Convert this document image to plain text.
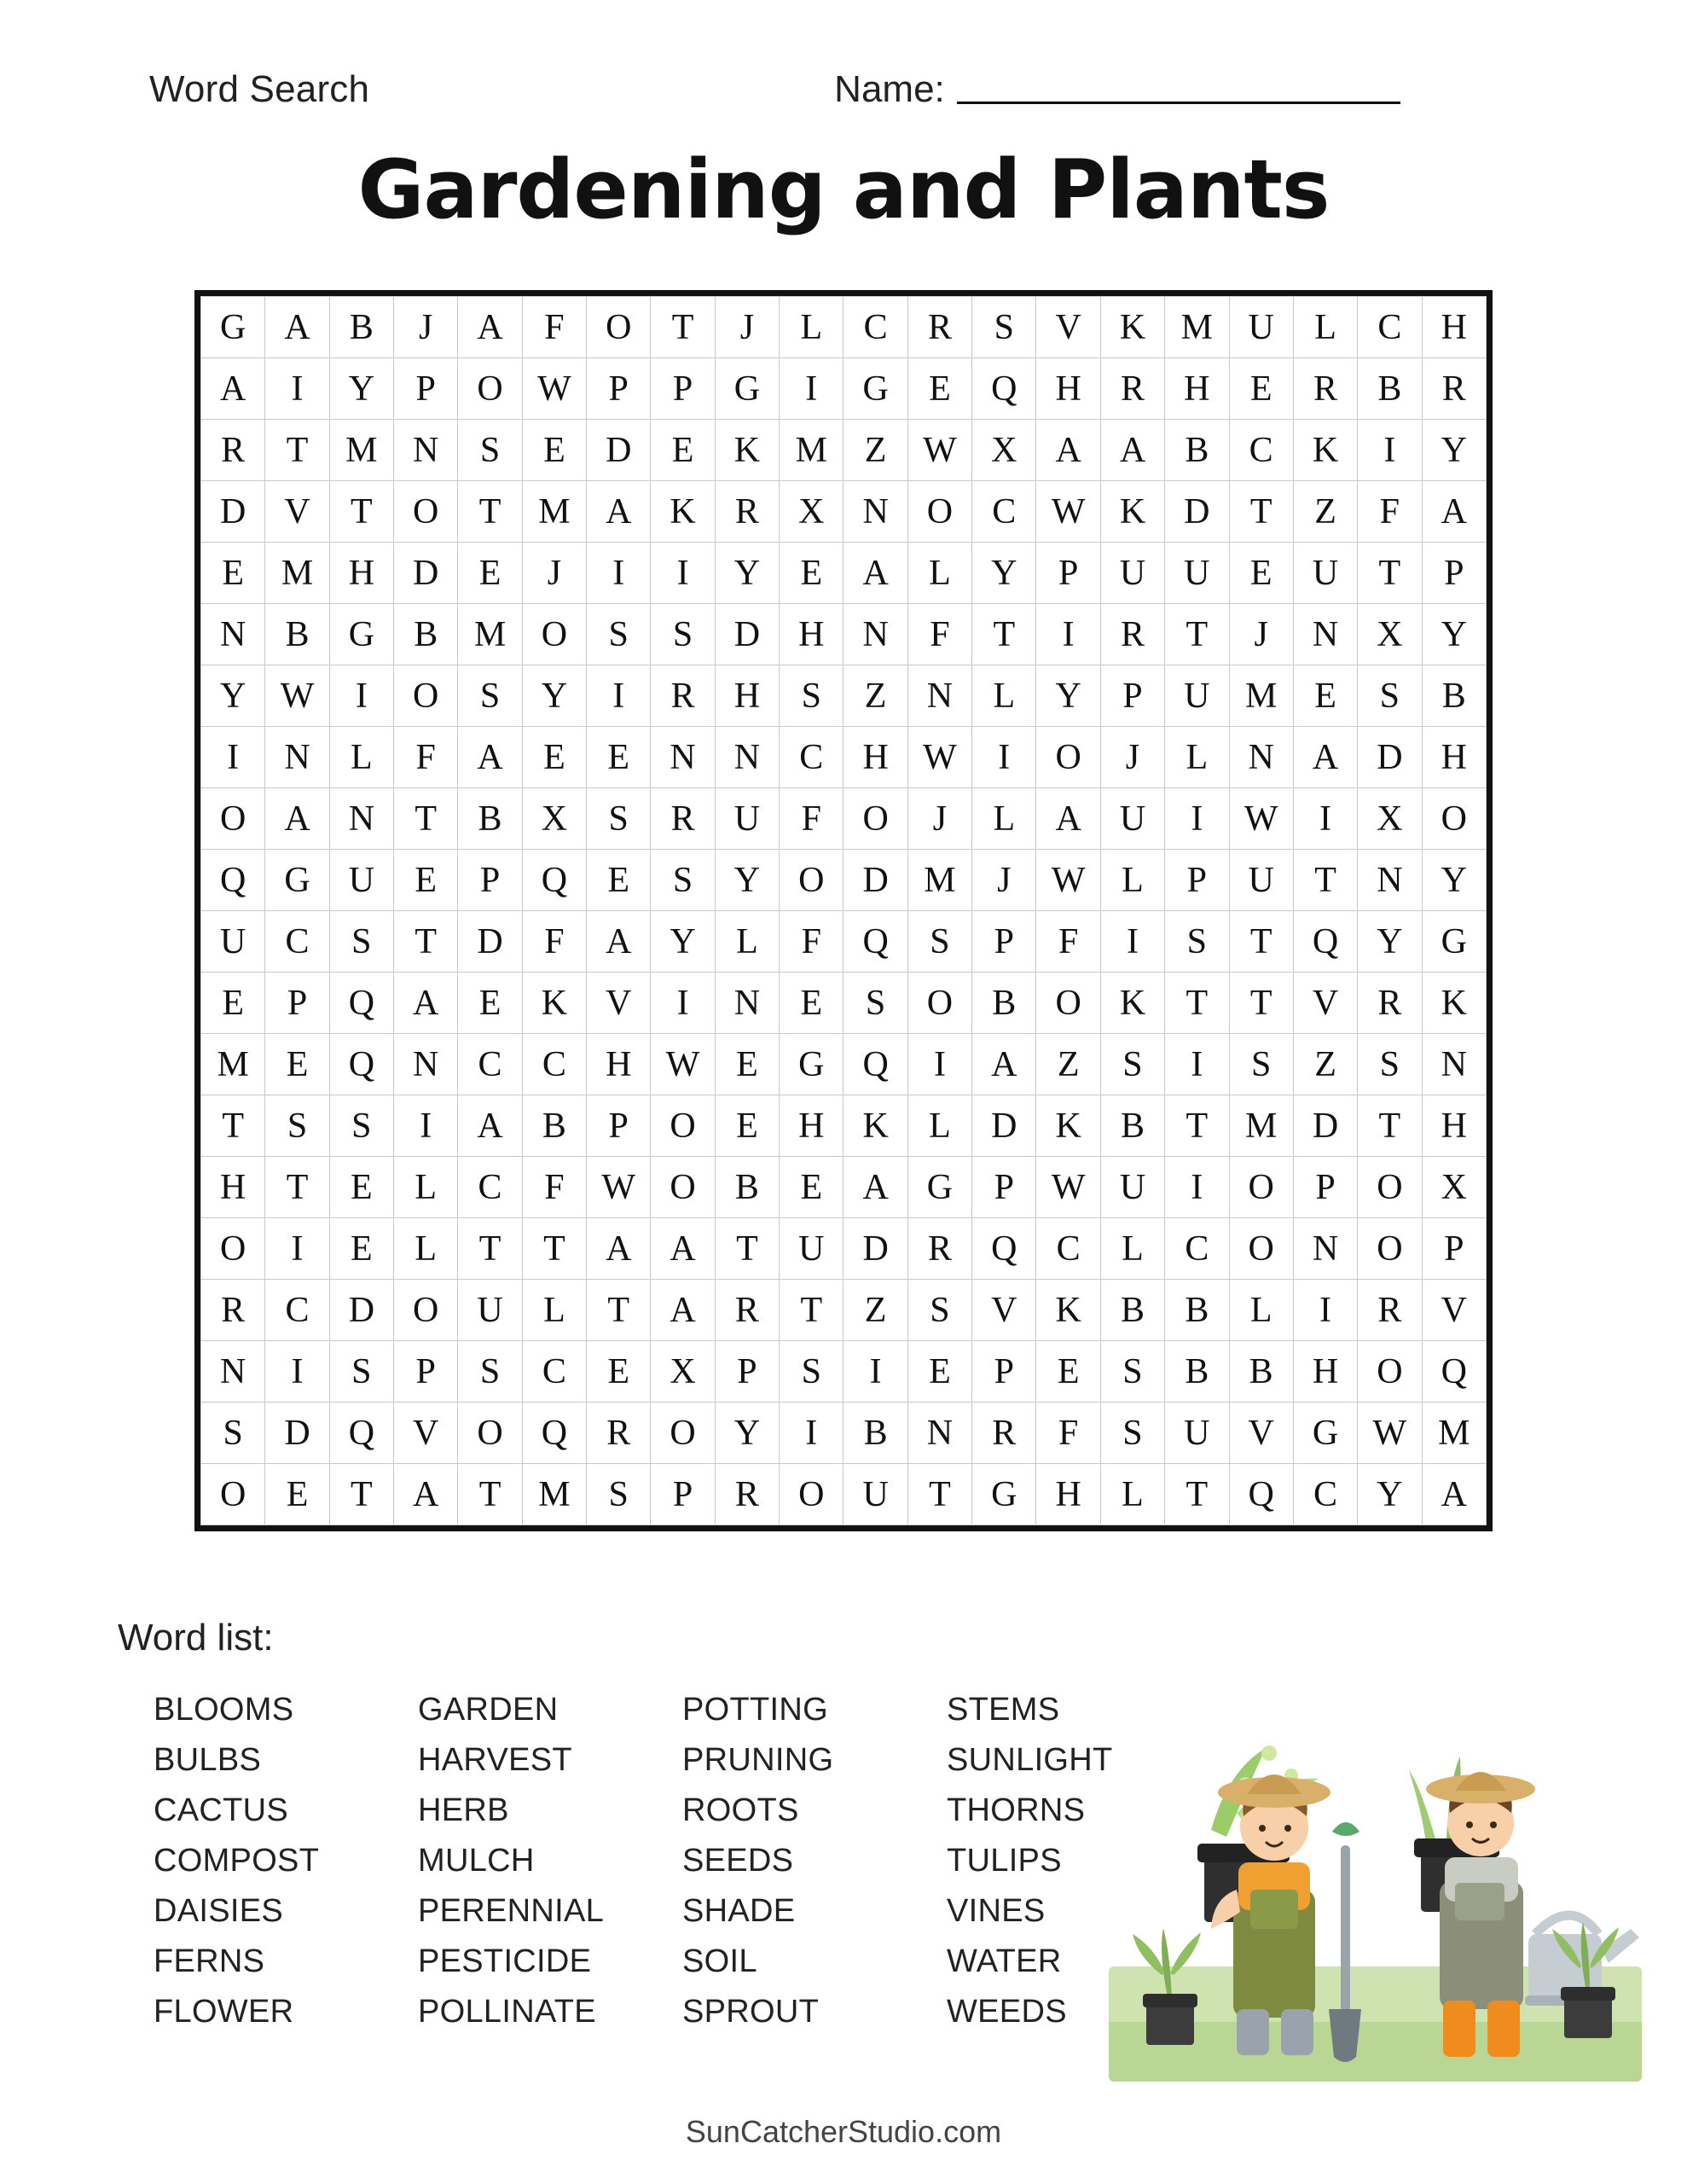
Word Search	Name:
Gardening and Plants
G	A	B	J	A	F	O	T	J	L	C	R	S	V	K	M	U	L	C	H
A	I	Y	P	O	W	P	P	G	I	G	E	Q	H	R	H	E	R	B	R
R	T	M	N	S	E	D	E	K	M	Z	W	X	A	A	B	C	K	I	Y
D	V	T	O	T	M	A	K	R	X	N	O	C	W	K	D	T	Z	F	A
E	M	H	D	E	J	I	I	Y	E	A	L	Y	P	U	U	E	U	T	P
N	B	G	B	M	O	S	S	D	H	N	F	T	I	R	T	J	N	X	Y
Y	W	I	O	S	Y	I	R	H	S	Z	N	L	Y	P	U	M	E	S	B
I	N	L	F	A	E	E	N	N	C	H	W	I	O	J	L	N	A	D	H
O	A	N	T	B	X	S	R	U	F	O	J	L	A	U	I	W	I	X	O
Q	G	U	E	P	Q	E	S	Y	O	D	M	J	W	L	P	U	T	N	Y
U	C	S	T	D	F	A	Y	L	F	Q	S	P	F	I	S	T	Q	Y	G
E	P	Q	A	E	K	V	I	N	E	S	O	B	O	K	T	T	V	R	K
M	E	Q	N	C	C	H	W	E	G	Q	I	A	Z	S	I	S	Z	S	N
T	S	S	I	A	B	P	O	E	H	K	L	D	K	B	T	M	D	T	H
H	T	E	L	C	F	W	O	B	E	A	G	P	W	U	I	O	P	O	X
O	I	E	L	T	T	A	A	T	U	D	R	Q	C	L	C	O	N	O	P
R	C	D	O	U	L	T	A	R	T	Z	S	V	K	B	B	L	I	R	V
N	I	S	P	S	C	E	X	P	S	I	E	P	E	S	B	B	H	O	Q
S	D	Q	V	O	Q	R	O	Y	I	B	N	R	F	S	U	V	G	W	M
O	E	T	A	T	M	S	P	R	O	U	T	G	H	L	T	Q	C	Y	A
Word list:
BLOOMS
BULBS
CACTUS
COMPOST
DAISIES
FERNS
FLOWER
GARDEN
HARVEST
HERB
MULCH
PERENNIAL
PESTICIDE
POLLINATE
POTTING
PRUNING
ROOTS
SEEDS
SHADE
SOIL
SPROUT
STEMS
SUNLIGHT
THORNS
TULIPS
VINES
WATER
WEEDS
SunCatcherStudio.com
